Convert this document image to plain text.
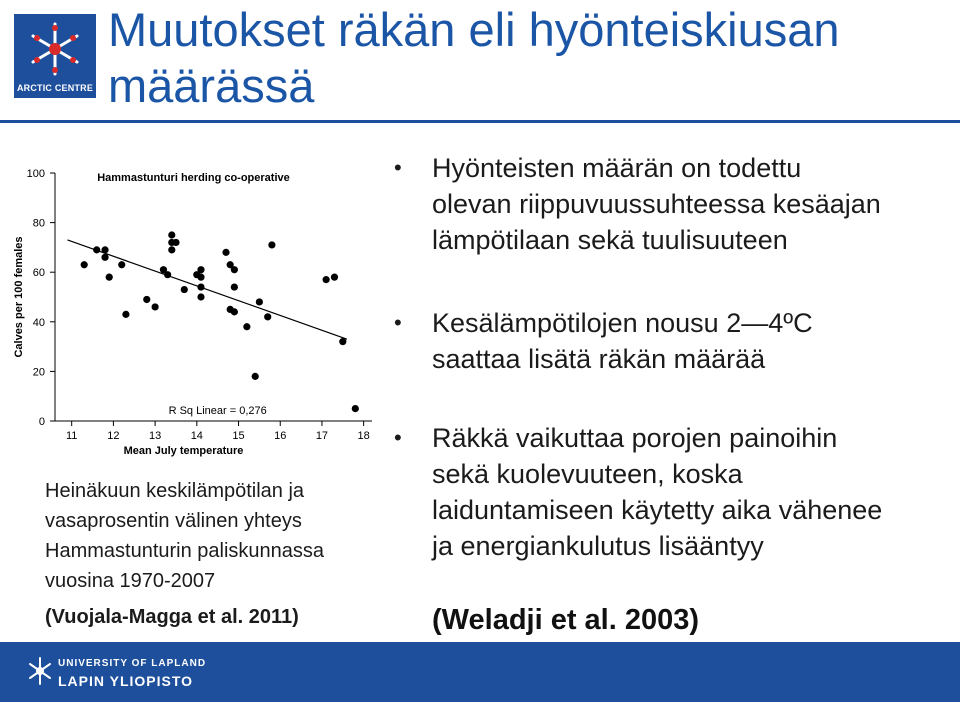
ARCTIC CENTRE
Muutokset räkän eli hyönteiskiusan
määrässä
0
20
40
60
80
100
11	12	13	14	15	16	17	18
Hammastunturi herding co-operative
Mean July temperature
Calves per 100 females
R Sq Linear = 0,276
Heinäkuun keskilämpötilan ja
vasaprosentin välinen yhteys
Hammastunturin paliskunnassa
vuosina 1970-2007
(Vuojala-Magga et al. 2011)
• Hyönteisten määrän on todettu
olevan riippuvuussuhteessa kesäajan
lämpötilaan sekä tuulisuuteen
• Kesälämpötilojen nousu 2—4ºC
saattaa lisätä räkän määrää
• Räkkä vaikuttaa porojen painoihin
sekä kuolevuuteen, koska
laiduntamiseen käytetty aika vähenee
ja energiankulutus lisääntyy
(Weladji et al. 2003)
UNIVERSITY OF LAPLAND
LAPIN YLIOPISTO
